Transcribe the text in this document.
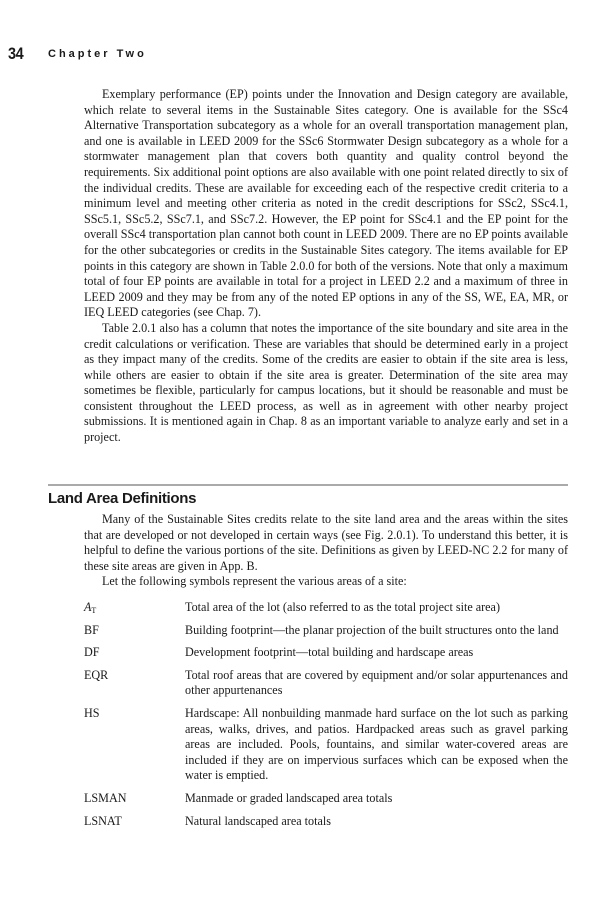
34 Chapter Two

Exemplary performance (EP) points under the Innovation and Design category are available, which relate to several items in the Sustainable Sites category. One is available for the SSc4 Alternative Transportation subcategory as a whole for an overall transportation management plan, and one is available in LEED 2009 for the SSc6 Stormwater Design subcategory as a whole for a stormwater management plan that covers both quantity and quality control beyond the requirements. Six additional point options are also available with one point related directly to six of the individual credits. These are available for exceeding each of the respective credit criteria to a minimum level and meeting other criteria as noted in the credit descriptions for SSc2, SSc4.1, SSc5.1, SSc5.2, SSc7.1, and SSc7.2. However, the EP point for SSc4.1 and the EP point for the overall SSc4 transportation plan cannot both count in LEED 2009. There are no EP points available for the other subcategories or credits in the Sustainable Sites category. The items available for EP points in this category are shown in Table 2.0.0 for both of the versions. Note that only a maximum total of four EP points are available in total for a project in LEED 2.2 and a maximum of three in LEED 2009 and they may be from any of the noted EP options in any of the SS, WE, EA, MR, or IEQ LEED categories (see Chap. 7).

Table 2.0.1 also has a column that notes the importance of the site boundary and site area in the credit calculations or verification. These are variables that should be determined early in a project as they impact many of the credits. Some of the credits are easier to obtain if the site area is less, while others are easier to obtain if the site area is greater. Determination of the site area may sometimes be flexible, particularly for campus locations, but it should be reasonable and must be consistent throughout the LEED process, as well as in agreement with other nearby project submissions. It is mentioned again in Chap. 8 as an important variable to analyze early and set in a project.

Land Area Definitions

Many of the Sustainable Sites credits relate to the site land area and the areas within the sites that are developed or not developed in certain ways (see Fig. 2.0.1). To understand this better, it is helpful to define the various portions of the site. Definitions as given by LEED-NC 2.2 for many of these site areas are given in App. B.

Let the following symbols represent the various areas of a site:

$A_T$	Total area of the lot (also referred to as the total project site area)
BF	Building footprint—the planar projection of the built structures onto the land
DF	Development footprint—total building and hardscape areas
EQR	Total roof areas that are covered by equipment and/or solar appurtenances and other appurtenances
HS	Hardscape: All nonbuilding manmade hard surface on the lot such as parking areas, walks, drives, and patios. Hardpacked areas such as gravel parking areas are included. Pools, fountains, and similar water-covered areas are included if they are on impervious surfaces which can be exposed when the water is emptied.
LSMAN	Manmade or graded landscaped area totals
LSNAT	Natural landscaped area totals
